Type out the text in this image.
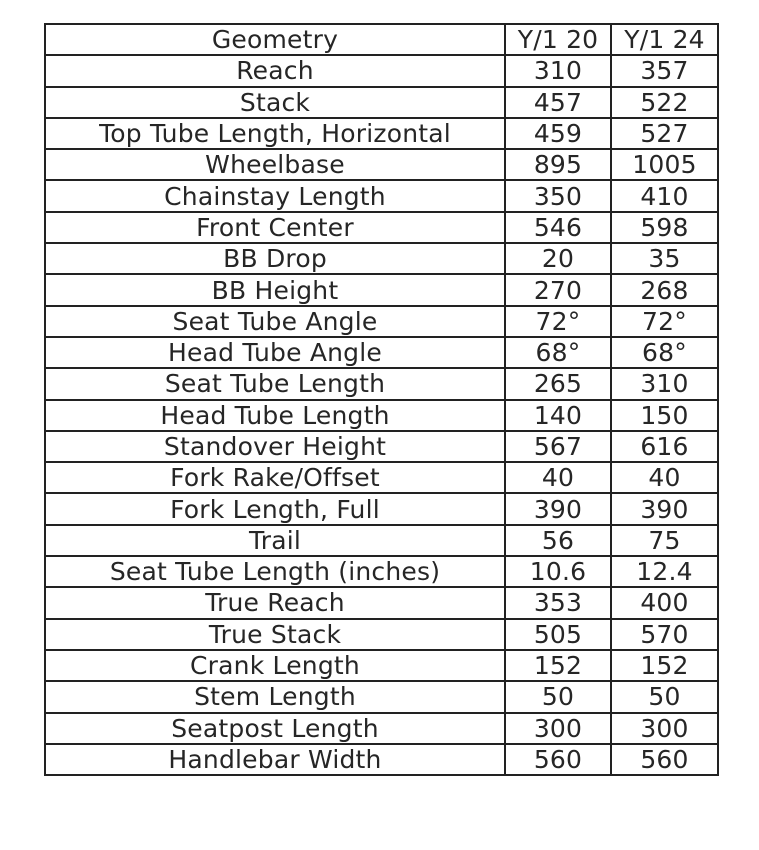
Geometry	Y/1 20	Y/1 24
Reach	310	357
Stack	457	522
Top Tube Length, Horizontal	459	527
Wheelbase	895	1005
Chainstay Length	350	410
Front Center	546	598
BB Drop	20	35
BB Height	270	268
Seat Tube Angle	72°	72°
Head Tube Angle	68°	68°
Seat Tube Length	265	310
Head Tube Length	140	150
Standover Height	567	616
Fork Rake/Offset	40	40
Fork Length, Full	390	390
Trail	56	75
Seat Tube Length (inches)	10.6	12.4
True Reach	353	400
True Stack	505	570
Crank Length	152	152
Stem Length	50	50
Seatpost Length	300	300
Handlebar Width	560	560
